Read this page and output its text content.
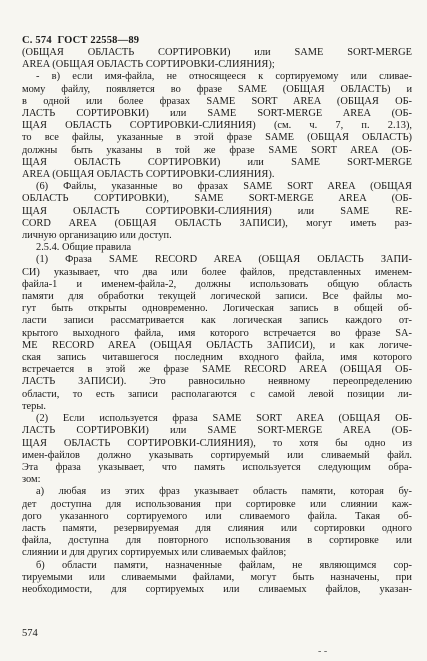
С. 574 ГОСТ 22558—89

(ОБЩАЯ ОБЛАСТЬ СОРТИРОВКИ) или SAME SORT-MERGE

AREA (ОБЩАЯ ОБЛАСТЬ СОРТИРОВКИ-СЛИЯНИЯ);

- в) если имя-файла, не относящееся к сортируемому или сливае-

мому файлу, появляется во фразе SAME (ОБЩАЯ ОБЛАСТЬ) и

в одной или более фразах SAME SORT AREA (ОБЩАЯ ОБ-

ЛАСТЬ СОРТИРОВКИ) или SAME SORT-MERGE AREA (ОБ-

ЩАЯ ОБЛАСТЬ СОРТИРОВКИ-СЛИЯНИЯ) (см. ч. 7, п. 2.13),

то все файлы, указанные в этой фразе SAME (ОБЩАЯ ОБЛАСТЬ)

должны быть указаны в той же фразе SAME SORT AREA (ОБ-

ЩАЯ ОБЛАСТЬ СОРТИРОВКИ) или SAME SORT-MERGE

AREA (ОБЩАЯ ОБЛАСТЬ СОРТИРОВКИ-СЛИЯНИЯ).

(6) Файлы, указанные во фразах SAME SORT AREA (ОБЩАЯ

ОБЛАСТЬ СОРТИРОВКИ), SAME SORT-MERGE AREA (ОБ-

ЩАЯ ОБЛАСТЬ СОРТИРОВКИ-СЛИЯНИЯ) или SAME RE-

CORD AREA (ОБЩАЯ ОБЛАСТЬ ЗАПИСИ), могут иметь раз-

личную организацию или доступ.

2.5.4. Общие правила

(1) Фраза SAME RECORD AREA (ОБЩАЯ ОБЛАСТЬ ЗАПИ-

СИ) указывает, что два или более файлов, представленных именем-

файла-1 и именем-файла-2, должны использовать общую область

памяти для обработки текущей логической записи. Все файлы мо-

гут быть открыты одновременно. Логическая запись в общей об-

ласти записи рассматривается как логическая запись каждого от-

крытого выходного файла, имя которого встречается во фразе SA-

ME RECORD AREA (ОБЩАЯ ОБЛАСТЬ ЗАПИСИ), и как логиче-

ская запись читавшегося последним входного файла, имя которого

встречается в этой же фразе SAME RECORD AREA (ОБЩАЯ ОБ-

ЛАСТЬ ЗАПИСИ). Это равносильно неявному переопределению

области, то есть записи располагаются с самой левой позиции ли-

теры.

(2) Если используется фраза SAME SORT AREA (ОБЩАЯ ОБ-

ЛАСТЬ СОРТИРОВКИ) или SAME SORT-MERGE AREA (ОБ-

ЩАЯ ОБЛАСТЬ СОРТИРОВКИ-СЛИЯНИЯ), то хотя бы одно из

имен-файлов должно указывать сортируемый или сливаемый файл.

Эта фраза указывает, что память используется следующим обра-

зом:

а) любая из этих фраз указывает область памяти, которая бу-

дет доступна для использования при сортировке или слиянии каж-

дого указанного сортируемого или сливаемого файла. Такая об-

ласть памяти, резервируемая для слияния или сортировки одного

файла, доступна для повторного использования в сортировке или

слиянии и для других сортируемых или сливаемых файлов;

б) области памяти, назначенные файлам, не являющимся сор-

тируемыми или сливаемыми файлами, могут быть назначены, при

необходимости, для сортируемых или сливаемых файлов, указан-

574
- -
